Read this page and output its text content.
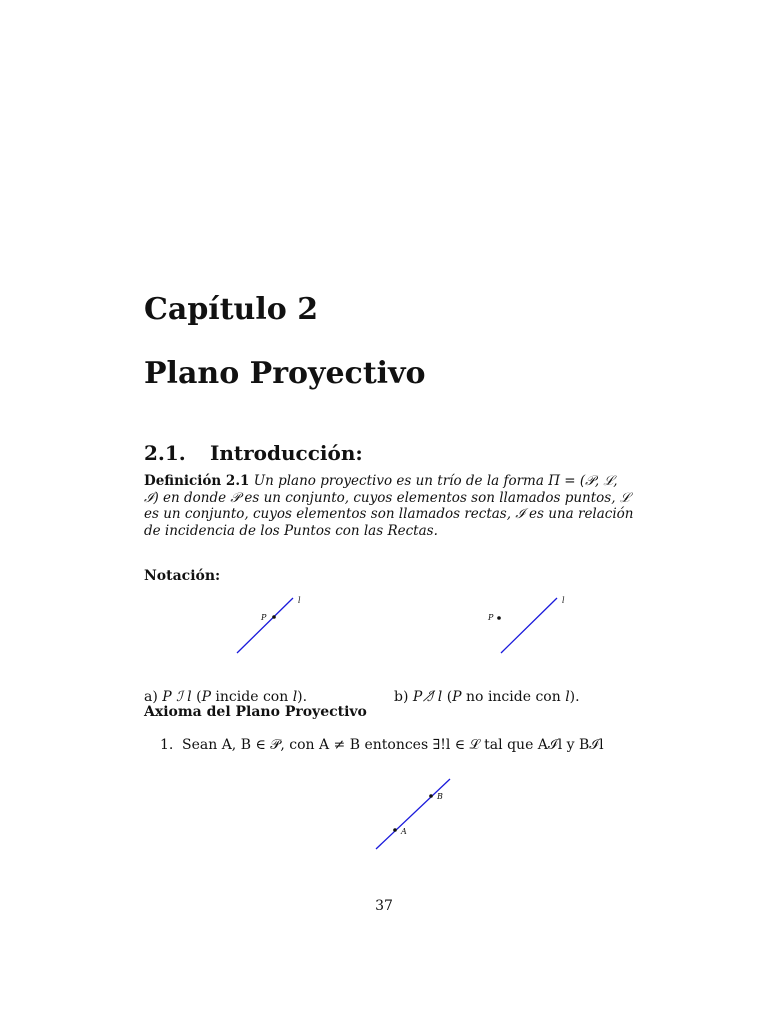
Capítulo 2
Plano Proyectivo
2.1. Introducción:

Definición 2.1 Un plano proyectivo es un trío de la forma Π = (𝒫, ℒ, ℐ) en donde 𝒫 es un conjunto, cuyos elementos son llamados puntos, ℒ es un conjunto, cuyos elementos son llamados rectas, ℐ es una relación de incidencia de los Puntos con las Rectas.

Notación:
P
l
P
l

a) P ℐ l (P incide con l).	b) P ℐ̸ l (P no incide con l).

Axioma del Plano Proyectivo
1. Sean A, B ∈ 𝒫, con A ≠ B entonces ∃!l ∈ ℒ tal que Aℐl y Bℐl
B
A
37
